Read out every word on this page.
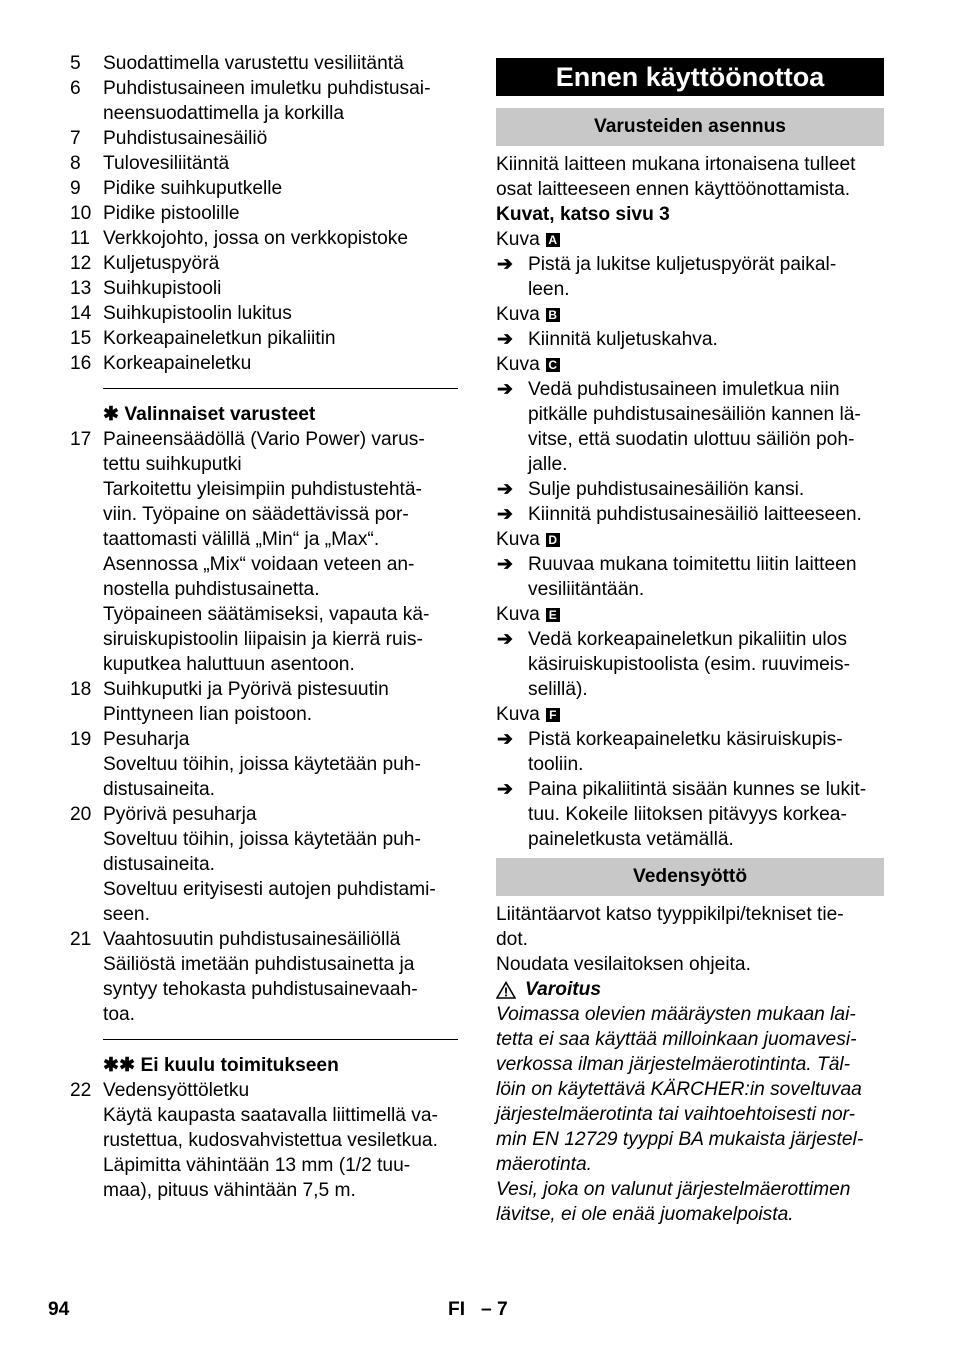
5 Suodattimella varustettu vesiliitäntä
6 Puhdistusaineen imuletku puhdistusai-
neensuodattimella ja korkilla
7 Puhdistusainesäiliö
8 Tulovesiliitäntä
9 Pidike suihkuputkelle
10 Pidike pistoolille
11 Verkkojohto, jossa on verkkopistoke
12 Kuljetuspyörä
13 Suihkupistooli
14 Suihkupistoolin lukitus
15 Korkeapaineletkun pikaliitin
16 Korkeapaineletku
✱ Valinnaiset varusteet
17 Paineensäädöllä (Vario Power) varus-
tettu suihkuputki
Tarkoitettu yleisimpiin puhdistustehtä-
viin. Työpaine on säädettävissä por-
taattomasti välillä „Min“ ja „Max“.
Asennossa „Mix“ voidaan veteen an-
nostella puhdistusainetta.
Työpaineen säätämiseksi, vapauta kä-
siruiskupistoolin liipaisin ja kierrä ruis-
kuputkea haluttuun asentoon.
18 Suihkuputki ja Pyörivä pistesuutin
Pinttyneen lian poistoon.
19 Pesuharja
Soveltuu töihin, joissa käytetään puh-
distusaineita.
20 Pyörivä pesuharja
Soveltuu töihin, joissa käytetään puh-
distusaineita.
Soveltuu erityisesti autojen puhdistami-
seen.
21 Vaahtosuutin puhdistusainesäiliöllä
Säiliöstä imetään puhdistusainetta ja
syntyy tehokasta puhdistusainevaah-
toa.
✱✱ Ei kuulu toimitukseen
22 Vedensyöttöletku
Käytä kaupasta saatavalla liittimellä va-
rustettua, kudosvahvistettua vesiletkua.
Läpimitta vähintään 13 mm (1/2 tuu-
maa), pituus vähintään 7,5 m.
Ennen käyttöönottoa
Varusteiden asennus
Kiinnitä laitteen mukana irtonaisena tulleet
osat laitteeseen ennen käyttöönottamista.
Kuvat, katso sivu 3
Kuva A
➔ Pistä ja lukitse kuljetuspyörät paikal-
leen.
Kuva B
➔ Kiinnitä kuljetuskahva.
Kuva C
➔ Vedä puhdistusaineen imuletkua niin
pitkälle puhdistusainesäiliön kannen lä-
vitse, että suodatin ulottuu säiliön poh-
jalle.
➔ Sulje puhdistusainesäiliön kansi.
➔ Kiinnitä puhdistusainesäiliö laitteeseen.
Kuva D
➔ Ruuvaa mukana toimitettu liitin laitteen
vesiliitäntään.
Kuva E
➔ Vedä korkeapaineletkun pikaliitin ulos
käsiruiskupistoolista (esim. ruuvimeis-
selillä).
Kuva F
➔ Pistä korkeapaineletku käsiruiskupis-
tooliin.
➔ Paina pikaliitintä sisään kunnes se lukit-
tuu. Kokeile liitoksen pitävyys korkea-
paineletkusta vetämällä.
Vedensyöttö
Liitäntäarvot katso tyyppikilpi/tekniset tie-
dot.
Noudata vesilaitoksen ohjeita.
Varoitus
Voimassa olevien määräysten mukaan lai-
tetta ei saa käyttää milloinkaan juomavesi-
verkossa ilman järjestelmäerotintinta. Täl-
löin on käytettävä KÄRCHER:in soveltuvaa
järjestelmäerotinta tai vaihtoehtoisesti nor-
min EN 12729 tyyppi BA mukaista järjestel-
mäerotinta.
Vesi, joka on valunut järjestelmäerottimen
lävitse, ei ole enää juomakelpoista.
94	FI   – 7
